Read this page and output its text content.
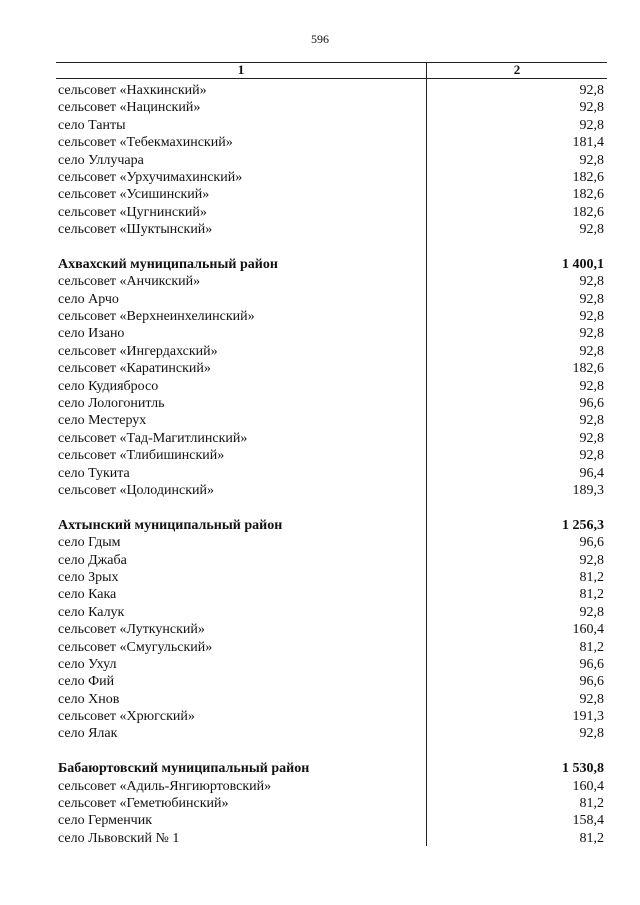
596
1	2
сельсовет «Нахкинский»	92,8
сельсовет «Нацинский»	92,8
село Танты	92,8
сельсовет «Тебекмахинский»	181,4
село Уллучара	92,8
сельсовет «Урхучимахинский»	182,6
сельсовет «Усишинский»	182,6
сельсовет «Цугнинский»	182,6
сельсовет «Шуктынский»	92,8
Ахвахский муниципальный район	1 400,1
сельсовет «Анчикский»	92,8
село Арчо	92,8
сельсовет «Верхнеинхелинский»	92,8
село Изано	92,8
сельсовет «Ингердахский»	92,8
сельсовет «Каратинский»	182,6
село Кудиябросо	92,8
село Лологонитль	96,6
село Местерух	92,8
сельсовет «Тад-Магитлинский»	92,8
сельсовет «Тлибишинский»	92,8
село Тукита	96,4
сельсовет «Цолодинский»	189,3
Ахтынский муниципальный район	1 256,3
село Гдым	96,6
село Джаба	92,8
село Зрых	81,2
село Кака	81,2
село Калук	92,8
сельсовет «Луткунский»	160,4
сельсовет «Смугульский»	81,2
село Ухул	96,6
село Фий	96,6
село Хнов	92,8
сельсовет «Хрюгский»	191,3
село Ялак	92,8
Бабаюртовский муниципальный район	1 530,8
сельсовет «Адиль-Янгиюртовский»	160,4
сельсовет «Геметюбинский»	81,2
село Герменчик	158,4
село Львовский № 1	81,2
